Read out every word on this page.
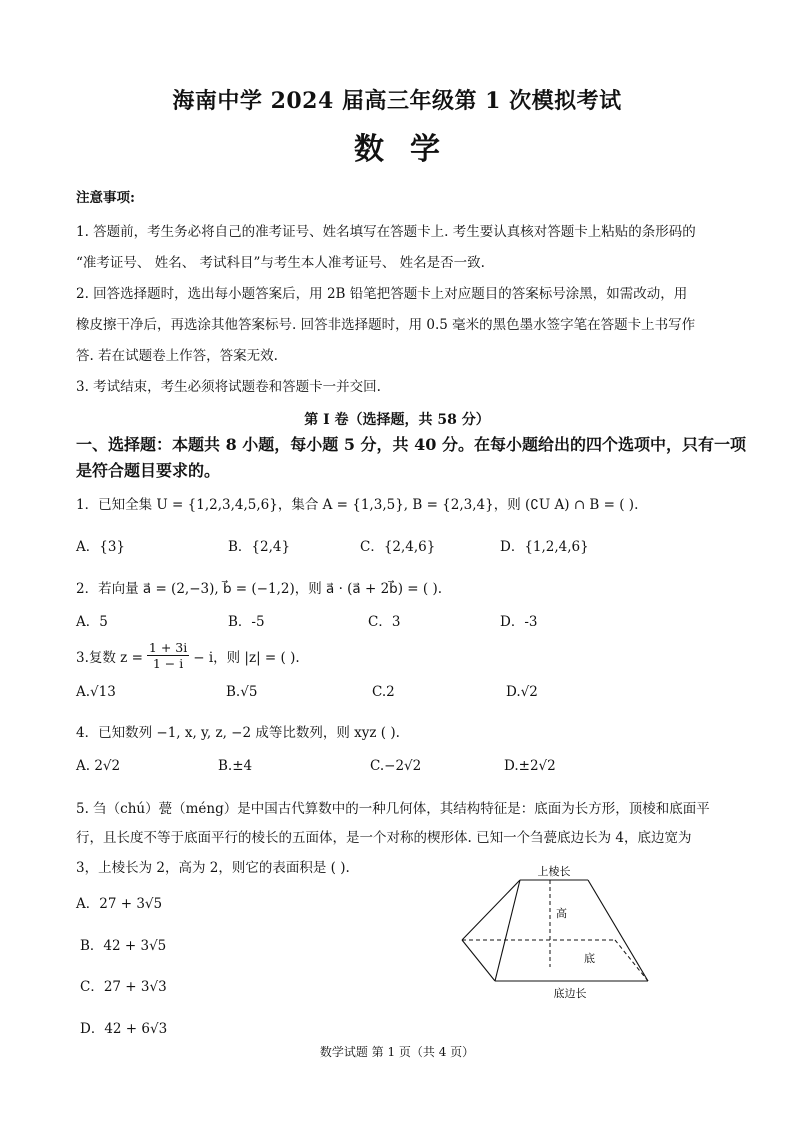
海南中学 2024 届高三年级第 1 次模拟考试
数学
注意事项:
1. 答题前，考生务必将自己的准考证号、姓名填写在答题卡上. 考生要认真核对答题卡上粘贴的条形码的
“准考证号、 姓名、 考试科目”与考生本人准考证号、 姓名是否一致.
2. 回答选择题时，选出每小题答案后，用 2B 铅笔把答题卡上对应题目的答案标号涂黑，如需改动，用
橡皮擦干净后，再选涂其他答案标号. 回答非选择题时，用 0.5 毫米的黑色墨水签字笔在答题卡上书写作
答. 若在试题卷上作答，答案无效.
3. 考试结束，考生必须将试题卷和答题卡一并交回.
第 I 卷（选择题，共 58 分）
一、选择题：本题共 8 小题，每小题 5 分，共 40 分。在每小题给出的四个选项中，只有一项
是符合题目要求的。
1．已知全集 U = {1,2,3,4,5,6}，集合 A = {1,3,5}, B = {2,3,4}，则 (∁U A) ∩ B = ( ).
A．{3}	B．{2,4}	C．{2,4,6}	D．{1,2,4,6}
2．若向量 a⃗ = (2,−3), b⃗ = (−1,2)，则 a⃗ · (a⃗ + 2b⃗) = ( ).
A．5	B．-5	C．3	D．-3
3.复数 $z = \frac{1 + 3i}{1 - i} - i$，则 |z| = ( ).
A.√13	B.√5	C.2	D.√2
4．已知数列 −1, x, y, z, −2 成等比数列，则 xyz ( ).
A. 2√2	B.±4	C.−2√2	D.±2√2
5. 刍（chú）甍（méng）是中国古代算数中的一种几何体，其结构特征是：底面为长方形，顶棱和底面平
行，且长度不等于底面平行的棱长的五面体，是一个对称的楔形体. 已知一个刍甍底边长为 4，底边宽为
3，上棱长为 2，高为 2，则它的表面积是 ( ).
A．27 + 3√5
B．42 + 3√5
C．27 + 3√3
D．42 + 6√3
上棱长
高
底
底边长
数学试题 第 1 页（共 4 页）
